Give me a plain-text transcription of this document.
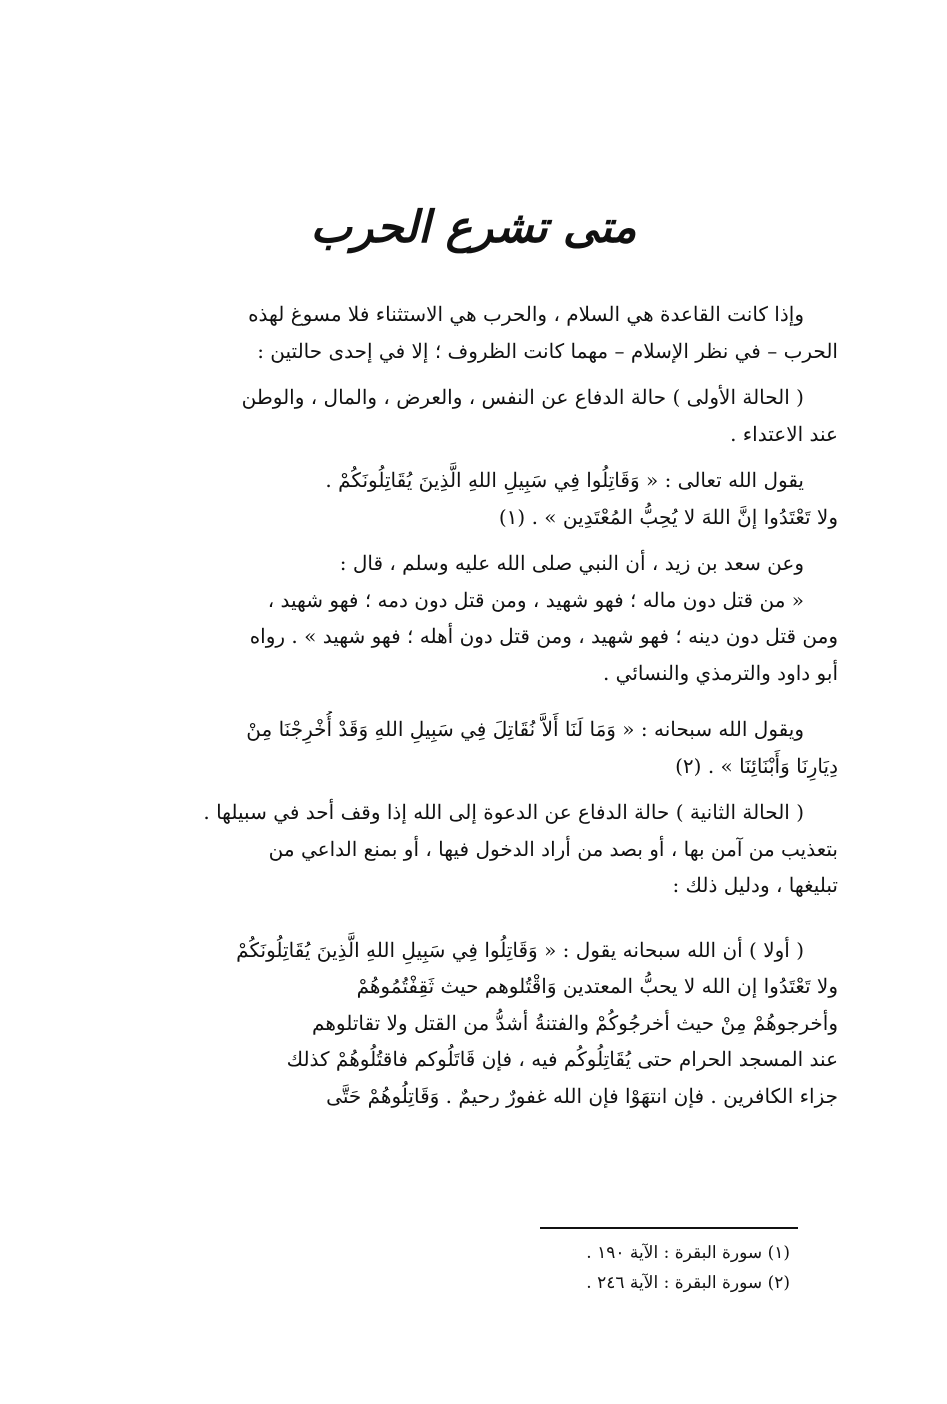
متى تشرع الحرب
وإذا كانت القاعدة هي السلام ، والحرب هي الاستثناء فلا مسوغ لهذه
الحرب – في نظر الإسلام – مهما كانت الظروف ؛ إلا في إحدى حالتين :
( الحالة الأولى ) حالة الدفاع عن النفس ، والعرض ، والمال ، والوطن
عند الاعتداء .
يقول الله تعالى : « وَقَاتِلُوا فِي سَبِيلِ اللهِ الَّذِينَ يُقَاتِلُونَكُمْ .
ولا تَعْتَدُوا إنَّ اللهَ لا يُحِبُّ المُعْتَدِين » . (١)
وعن سعد بن زيد ، أن النبي صلى الله عليه وسلم ، قال :
« من قتل دون ماله ؛ فهو شهيد ، ومن قتل دون دمه ؛ فهو شهيد ،
ومن قتل دون دينه ؛ فهو شهيد ، ومن قتل دون أهله ؛ فهو شهيد » . رواه
أبو داود والترمذي والنسائي .
ويقول الله سبحانه : « وَمَا لَنَا أَلاَّ نُقَاتِلَ فِي سَبِيلِ اللهِ وَقَدْ أُخْرِجْنَا مِنْ
دِيَارِنَا وَأَبْنَائِنَا » . (٢)
( الحالة الثانية ) حالة الدفاع عن الدعوة إلى الله إذا وقف أحد في سبيلها .
بتعذيب من آمن بها ، أو بصد من أراد الدخول فيها ، أو بمنع الداعي من
تبليغها ، ودليل ذلك :
( أولا ) أن الله سبحانه يقول : « وَقَاتِلُوا فِي سَبِيلِ اللهِ الَّذِينَ يُقَاتِلُونَكُمْ
ولا تَعْتَدُوا إن الله لا يحبُّ المعتدين وَاقْتُلوهم حيث ثَقِفْتُمُوهُمْ
وأخرجوهُمْ مِنْ حيث أخرجُوكُمْ والفتنةُ أشدُّ من القتل ولا تقاتلوهم
عند المسجد الحرام حتى يُقَاتِلُوكُم فيه ، فإن قَاتَلُوكم فاقتُلُوهُمْ كذلك
جزاء الكافرين . فإن انتهَوْا فإن الله غفورٌ رحيمٌ . وَقَاتِلُوهُمْ حَتَّى
(١) سورة البقرة : الآية ١٩٠ .
(٢) سورة البقرة : الآية ٢٤٦ .
